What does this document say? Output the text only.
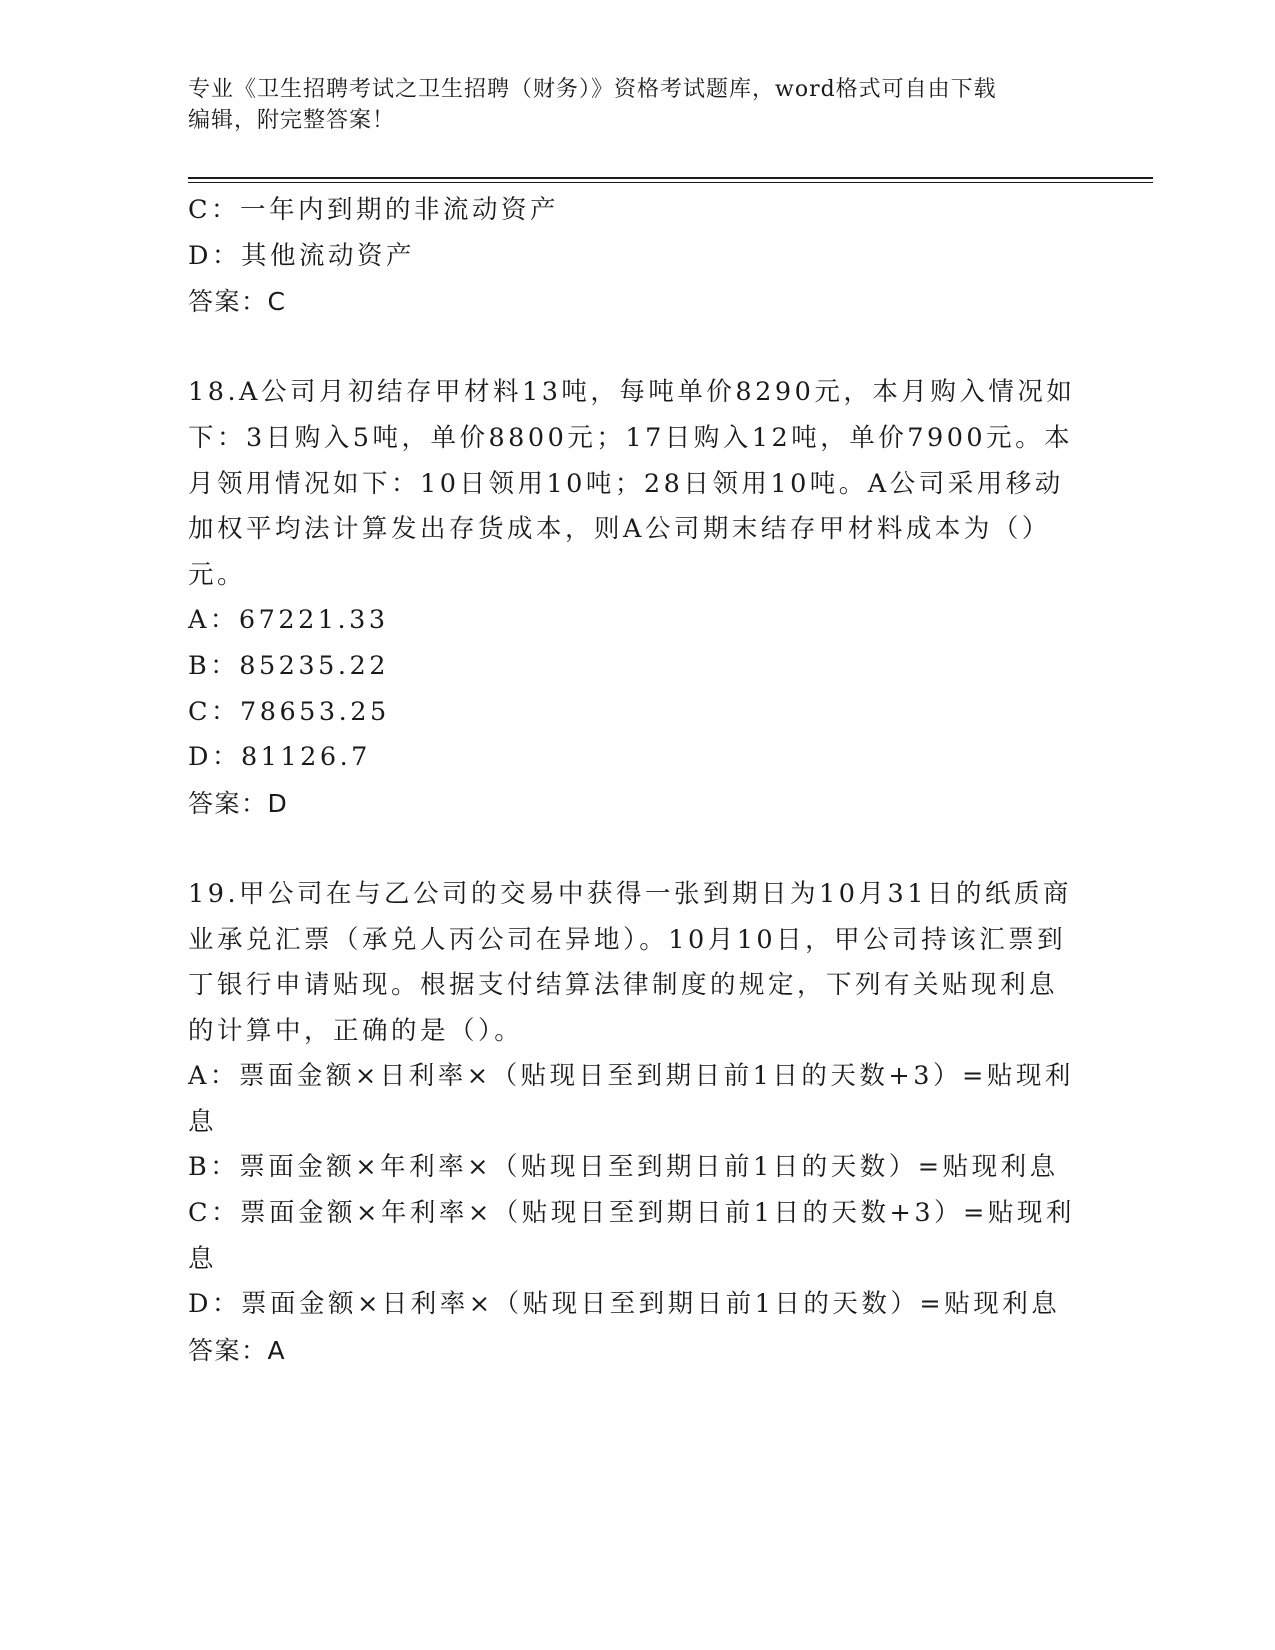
专业《卫生招聘考试之卫生招聘（财务）》资格考试题库，word格式可自由下载
编辑，附完整答案！
C：一年内到期的非流动资产
D：其他流动资产
答案：C
18.A公司月初结存甲材料13吨，每吨单价8290元，本月购入情况如
下：3日购入5吨，单价8800元；17日购入12吨，单价7900元。本
月领用情况如下：10日领用10吨；28日领用10吨。A公司采用移动
加权平均法计算发出存货成本，则A公司期末结存甲材料成本为（）
元。
A：67221.33
B：85235.22
C：78653.25
D：81126.7
答案：D
19.甲公司在与乙公司的交易中获得一张到期日为10月31日的纸质商
业承兑汇票（承兑人丙公司在异地）。10月10日，甲公司持该汇票到
丁银行申请贴现。根据支付结算法律制度的规定，下列有关贴现利息
的计算中，正确的是（）。
A：票面金额×日利率×（贴现日至到期日前1日的天数+3）=贴现利
息
B：票面金额×年利率×（贴现日至到期日前1日的天数）=贴现利息
C：票面金额×年利率×（贴现日至到期日前1日的天数+3）=贴现利
息
D：票面金额×日利率×（贴现日至到期日前1日的天数）=贴现利息
答案：A
